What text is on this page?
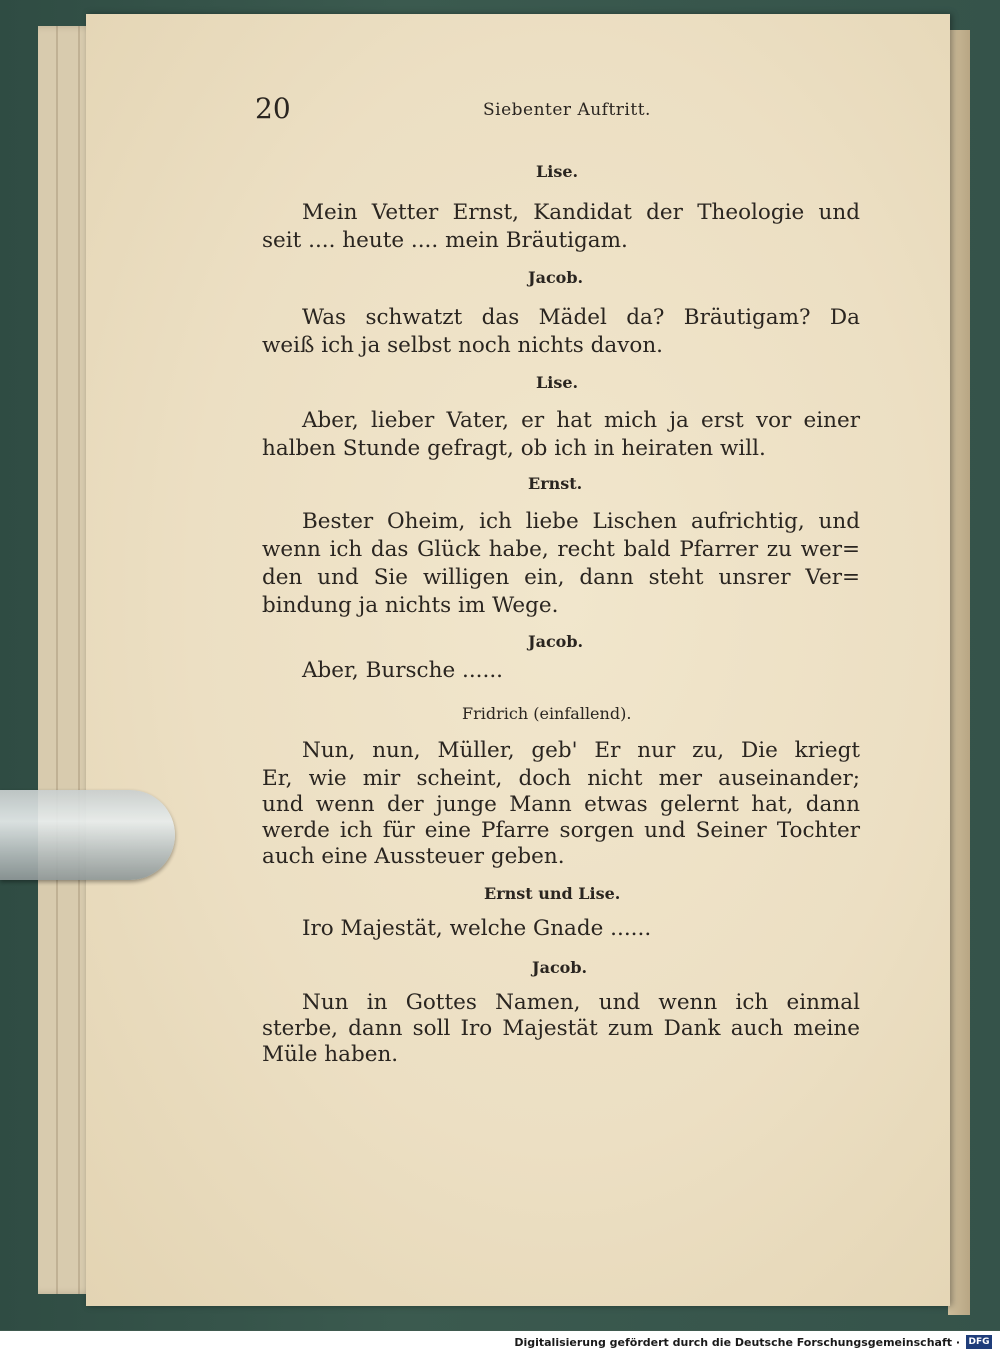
20	Siebenter Auftritt.
Lise.
Mein Vetter Ernst, Kandidat der Theologie und
seit .... heute .... mein Bräutigam.
Jacob.
Was schwatzt das Mädel da? Bräutigam? Da
weiß ich ja selbst noch nichts davon.
Lise.
Aber, lieber Vater, er hat mich ja erst vor einer
halben Stunde gefragt, ob ich in heiraten will.
Ernst.
Bester Oheim, ich liebe Lischen aufrichtig, und
wenn ich das Glück habe, recht bald Pfarrer zu wer=
den und Sie willigen ein, dann steht unsrer Ver=
bindung ja nichts im Wege.
Jacob.
Aber, Bursche ......
Fridrich (einfallend).
Nun, nun, Müller, geb' Er nur zu, Die kriegt
Er, wie mir scheint, doch nicht mer auseinander;
und wenn der junge Mann etwas gelernt hat, dann
werde ich für eine Pfarre sorgen und Seiner Tochter
auch eine Aussteuer geben.
Ernst und Lise.
Iro Majestät, welche Gnade ......
Jacob.
Nun in Gottes Namen, und wenn ich einmal
sterbe, dann soll Iro Majestät zum Dank auch meine
Müle haben.
Digitalisierung gefördert durch die Deutsche Forschungsgemeinschaft · DFG
